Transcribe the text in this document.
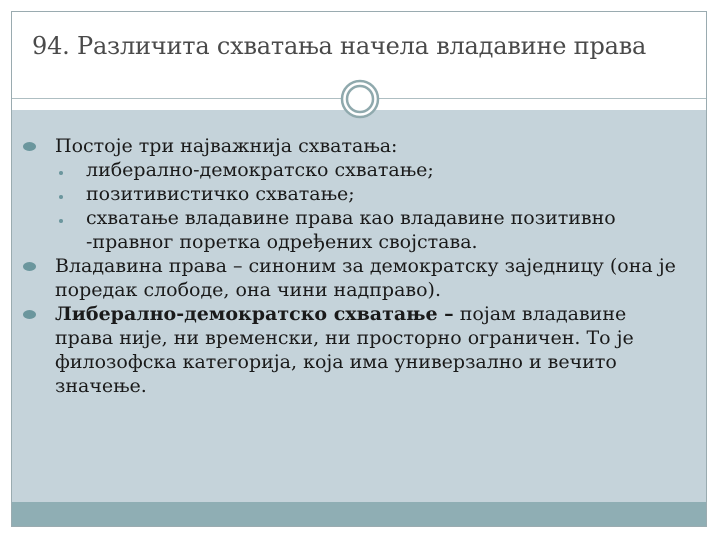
94. Различита схватања начела владавине права
Постоје три најважнија схватања:
либерално-демократско схватање;
позитивистичко схватање;
схватање владавине права као владавине позитивно -правног поретка одређених својстава.
Владавина права – синоним за демократску заједницу (она је поредак слободе, она чини надправо).
Либерално-демократско схватање – појам владавине права није, ни временски, ни просторно ограничен. То је филозофска категорија, која има универзално и вечито значење.
